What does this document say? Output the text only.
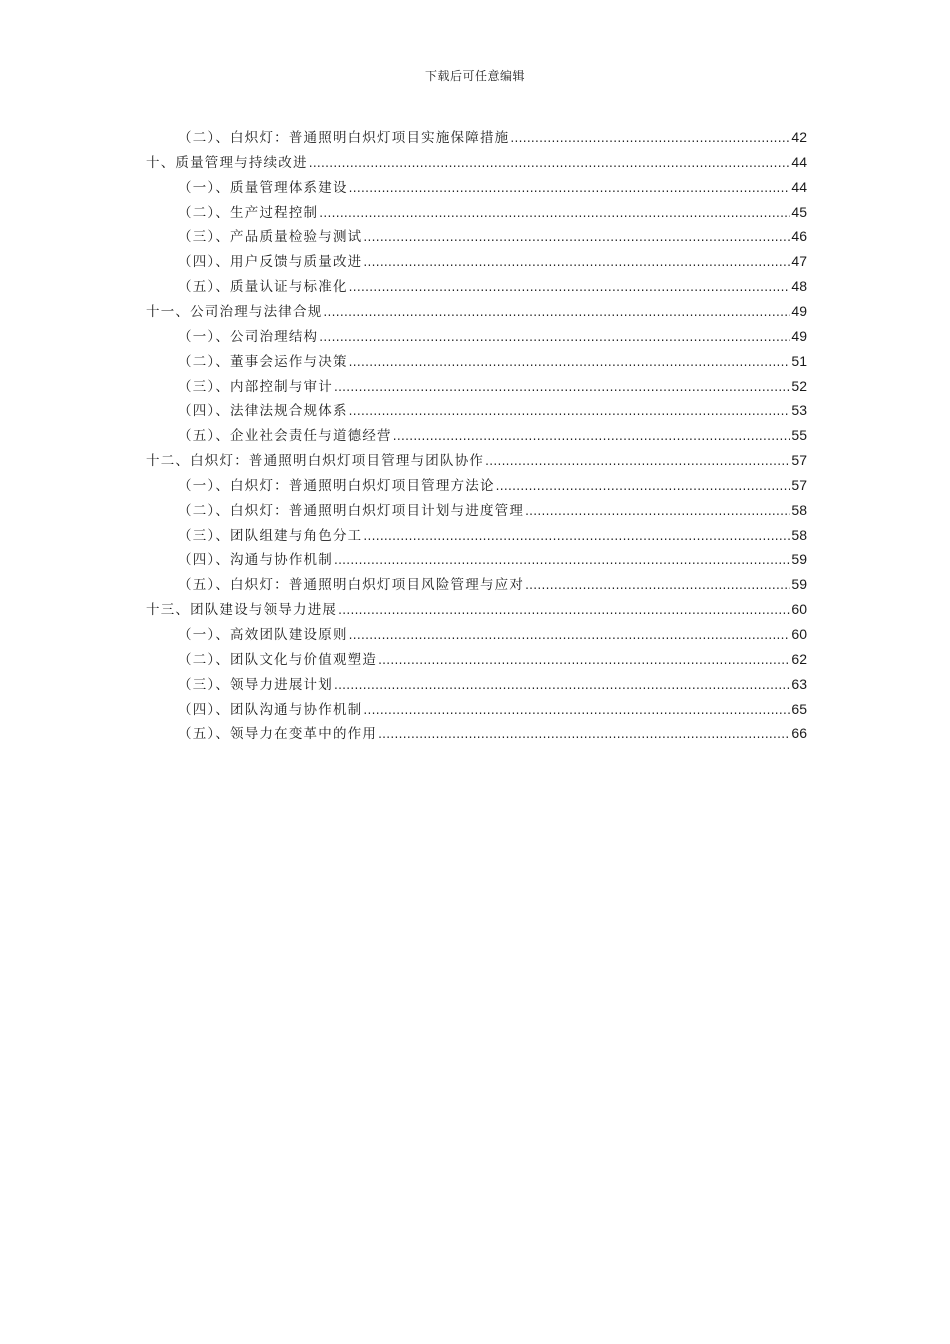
下载后可任意编辑
（二）、白炽灯：普通照明白炽灯项目实施保障措施 .....	42
十、质量管理与持续改进 .....	44
（一）、质量管理体系建设 .....	44
（二）、生产过程控制 .....	45
（三）、产品质量检验与测试 .....	46
（四）、用户反馈与质量改进 .....	47
（五）、质量认证与标准化 .....	48
十一、公司治理与法律合规 .....	49
（一）、公司治理结构 .....	49
（二）、董事会运作与决策 .....	51
（三）、内部控制与审计 .....	52
（四）、法律法规合规体系 .....	53
（五）、企业社会责任与道德经营 .....	55
十二、白炽灯：普通照明白炽灯项目管理与团队协作 .....	57
（一）、白炽灯：普通照明白炽灯项目管理方法论 .....	57
（二）、白炽灯：普通照明白炽灯项目计划与进度管理 .....	58
（三）、团队组建与角色分工 .....	58
（四）、沟通与协作机制 .....	59
（五）、白炽灯：普通照明白炽灯项目风险管理与应对 .....	59
十三、团队建设与领导力进展 .....	60
（一）、高效团队建设原则 .....	60
（二）、团队文化与价值观塑造 .....	62
（三）、领导力进展计划 .....	63
（四）、团队沟通与协作机制 .....	65
（五）、领导力在变革中的作用 .....	66
